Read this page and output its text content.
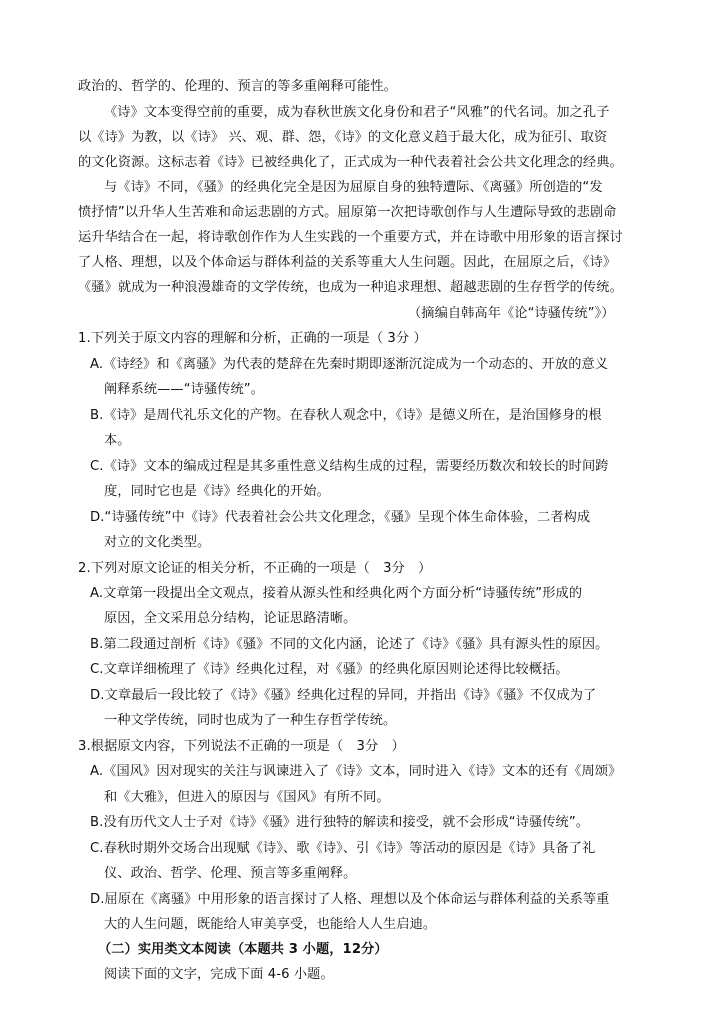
政治的、哲学的、伦理的、预言的等多重阐释可能性。
《诗》文本变得空前的重要，成为春秋世族文化身份和君子“风雅”的代名词。加之孔子
以《诗》为教，以《诗》 兴、观、群、怨，《诗》的文化意义趋于最大化，成为征引、取资
的文化资源。这标志着《诗》已被经典化了，正式成为一种代表着社会公共文化理念的经典。
与《诗》不同，《骚》的经典化完全是因为屈原自身的独特遭际、《离骚》所创造的“发
愤抒情”以升华人生苦难和命运悲剧的方式。屈原第一次把诗歌创作与人生遭际导致的悲剧命
运升华结合在一起，将诗歌创作作为人生实践的一个重要方式，并在诗歌中用形象的语言探讨
了人格、理想，以及个体命运与群体利益的关系等重大人生问题。因此，在屈原之后，《诗》
《骚》就成为一种浪漫雄奇的文学传统，也成为一种追求理想、超越悲剧的生存哲学的传统。
（摘编自韩高年《论“诗骚传统”》）
1.下列关于原文内容的理解和分析，正确的一项是（ 3分 ）
A.《诗经》和《离骚》为代表的楚辞在先秦时期即逐渐沉淀成为一个动态的、开放的意义
阐释系统——“诗骚传统”。
B.《诗》是周代礼乐文化的产物。在春秋人观念中，《诗》是德义所在，是治国修身的根
本。
C.《诗》文本的编成过程是其多重性意义结构生成的过程，需要经历数次和较长的时间跨
度，同时它也是《诗》经典化的开始。
D.“诗骚传统”中《诗》代表着社会公共文化理念，《骚》呈现个体生命体验，二者构成
对立的文化类型。
2.下列对原文论证的相关分析，不正确的一项是（　3分　）
A.文章第一段提出全文观点，接着从源头性和经典化两个方面分析“诗骚传统”形成的
原因，全文采用总分结构，论证思路清晰。
B.第二段通过剖析《诗》《骚》不同的文化内涵，论述了《诗》《骚》具有源头性的原因。
C.文章详细梳理了《诗》经典化过程，对《骚》的经典化原因则论述得比较概括。
D.文章最后一段比较了《诗》《骚》经典化过程的异同，并指出《诗》《骚》不仅成为了
一种文学传统，同时也成为了一种生存哲学传统。
3.根据原文内容，下列说法不正确的一项是（　3分　）
A.《国风》因对现实的关注与讽谏进入了《诗》文本，同时进入《诗》文本的还有《周颂》
和《大雅》，但进入的原因与《国风》有所不同。
B.没有历代文人士子对《诗》《骚》进行独特的解读和接受，就不会形成“诗骚传统”。
C.春秋时期外交场合出现赋《诗》、歌《诗》、引《诗》等活动的原因是《诗》具备了礼
仪、政治、哲学、伦理、预言等多重阐释。
D.屈原在《离骚》中用形象的语言探讨了人格、理想以及个体命运与群体利益的关系等重
大的人生问题，既能给人审美享受，也能给人人生启迪。
（二）实用类文本阅读（本题共 3 小题，12分）
阅读下面的文字，完成下面 4-6 小题。
